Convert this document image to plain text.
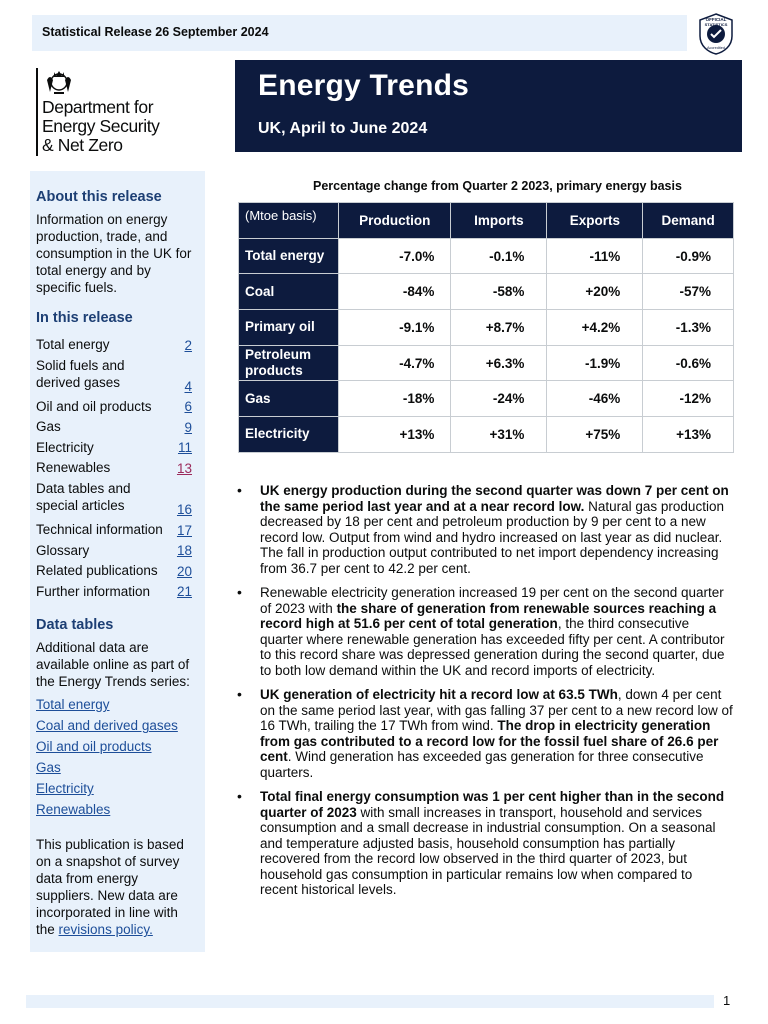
Statistical Release 26 September 2024
OFFICIAL
STATISTICS
Accredited
Department for
Energy Security
& Net Zero
Energy Trends
UK, April to June 2024
About this release

Information on energy production, trade, and consumption in the UK for total energy and by specific fuels.

In this release
Total energy	2
Solid fuels and derived gases	4
Oil and oil products	6
Gas	9
Electricity	11
Renewables	13
Data tables and special articles	16
Technical information	17
Glossary	18
Related publications	20
Further information	21
Data tables

Additional data are available online as part of the Energy Trends series:

Total energy
Coal and derived gases
Oil and oil products
Gas
Electricity
Renewables

This publication is based on a snapshot of survey data from energy suppliers. New data are incorporated in line with the revisions policy.

Percentage change from Quarter 2 2023, primary energy basis
(Mtoe basis)	Production	Imports	Exports	Demand
Total energy	-7.0%	-0.1%	-11%	-0.9%
Coal	-84%	-58%	+20%	-57%
Primary oil	-9.1%	+8.7%	+4.2%	-1.3%
Petroleum products	-4.7%	+6.3%	-1.9%	-0.6%
Gas	-18%	-24%	-46%	-12%
Electricity	+13%	+31%	+75%	+13%
• UK energy production during the second quarter was down 7 per cent on the same period last year and at a near record low. Natural gas production decreased by 18 per cent and petroleum production by 9 per cent to a new record low. Output from wind and hydro increased on last year as did nuclear. The fall in production output contributed to net import dependency increasing from 36.7 per cent to 42.2 per cent.
• Renewable electricity generation increased 19 per cent on the second quarter of 2023 with the share of generation from renewable sources reaching a record high at 51.6 per cent of total generation, the third consecutive quarter where renewable generation has exceeded fifty per cent. A contributor to this record share was depressed generation during the second quarter, due to both low demand within the UK and record imports of electricity.
• UK generation of electricity hit a record low at 63.5 TWh, down 4 per cent on the same period last year, with gas falling 37 per cent to a new record low of 16 TWh, trailing the 17 TWh from wind. The drop in electricity generation from gas contributed to a record low for the fossil fuel share of 26.6 per cent. Wind generation has exceeded gas generation for three consecutive quarters.
• Total final energy consumption was 1 per cent higher than in the second quarter of 2023 with small increases in transport, household and services consumption and a small decrease in industrial consumption. On a seasonal and temperature adjusted basis, household consumption has partially recovered from the record low observed in the third quarter of 2023, but household gas consumption in particular remains low when compared to recent historical levels.
1
